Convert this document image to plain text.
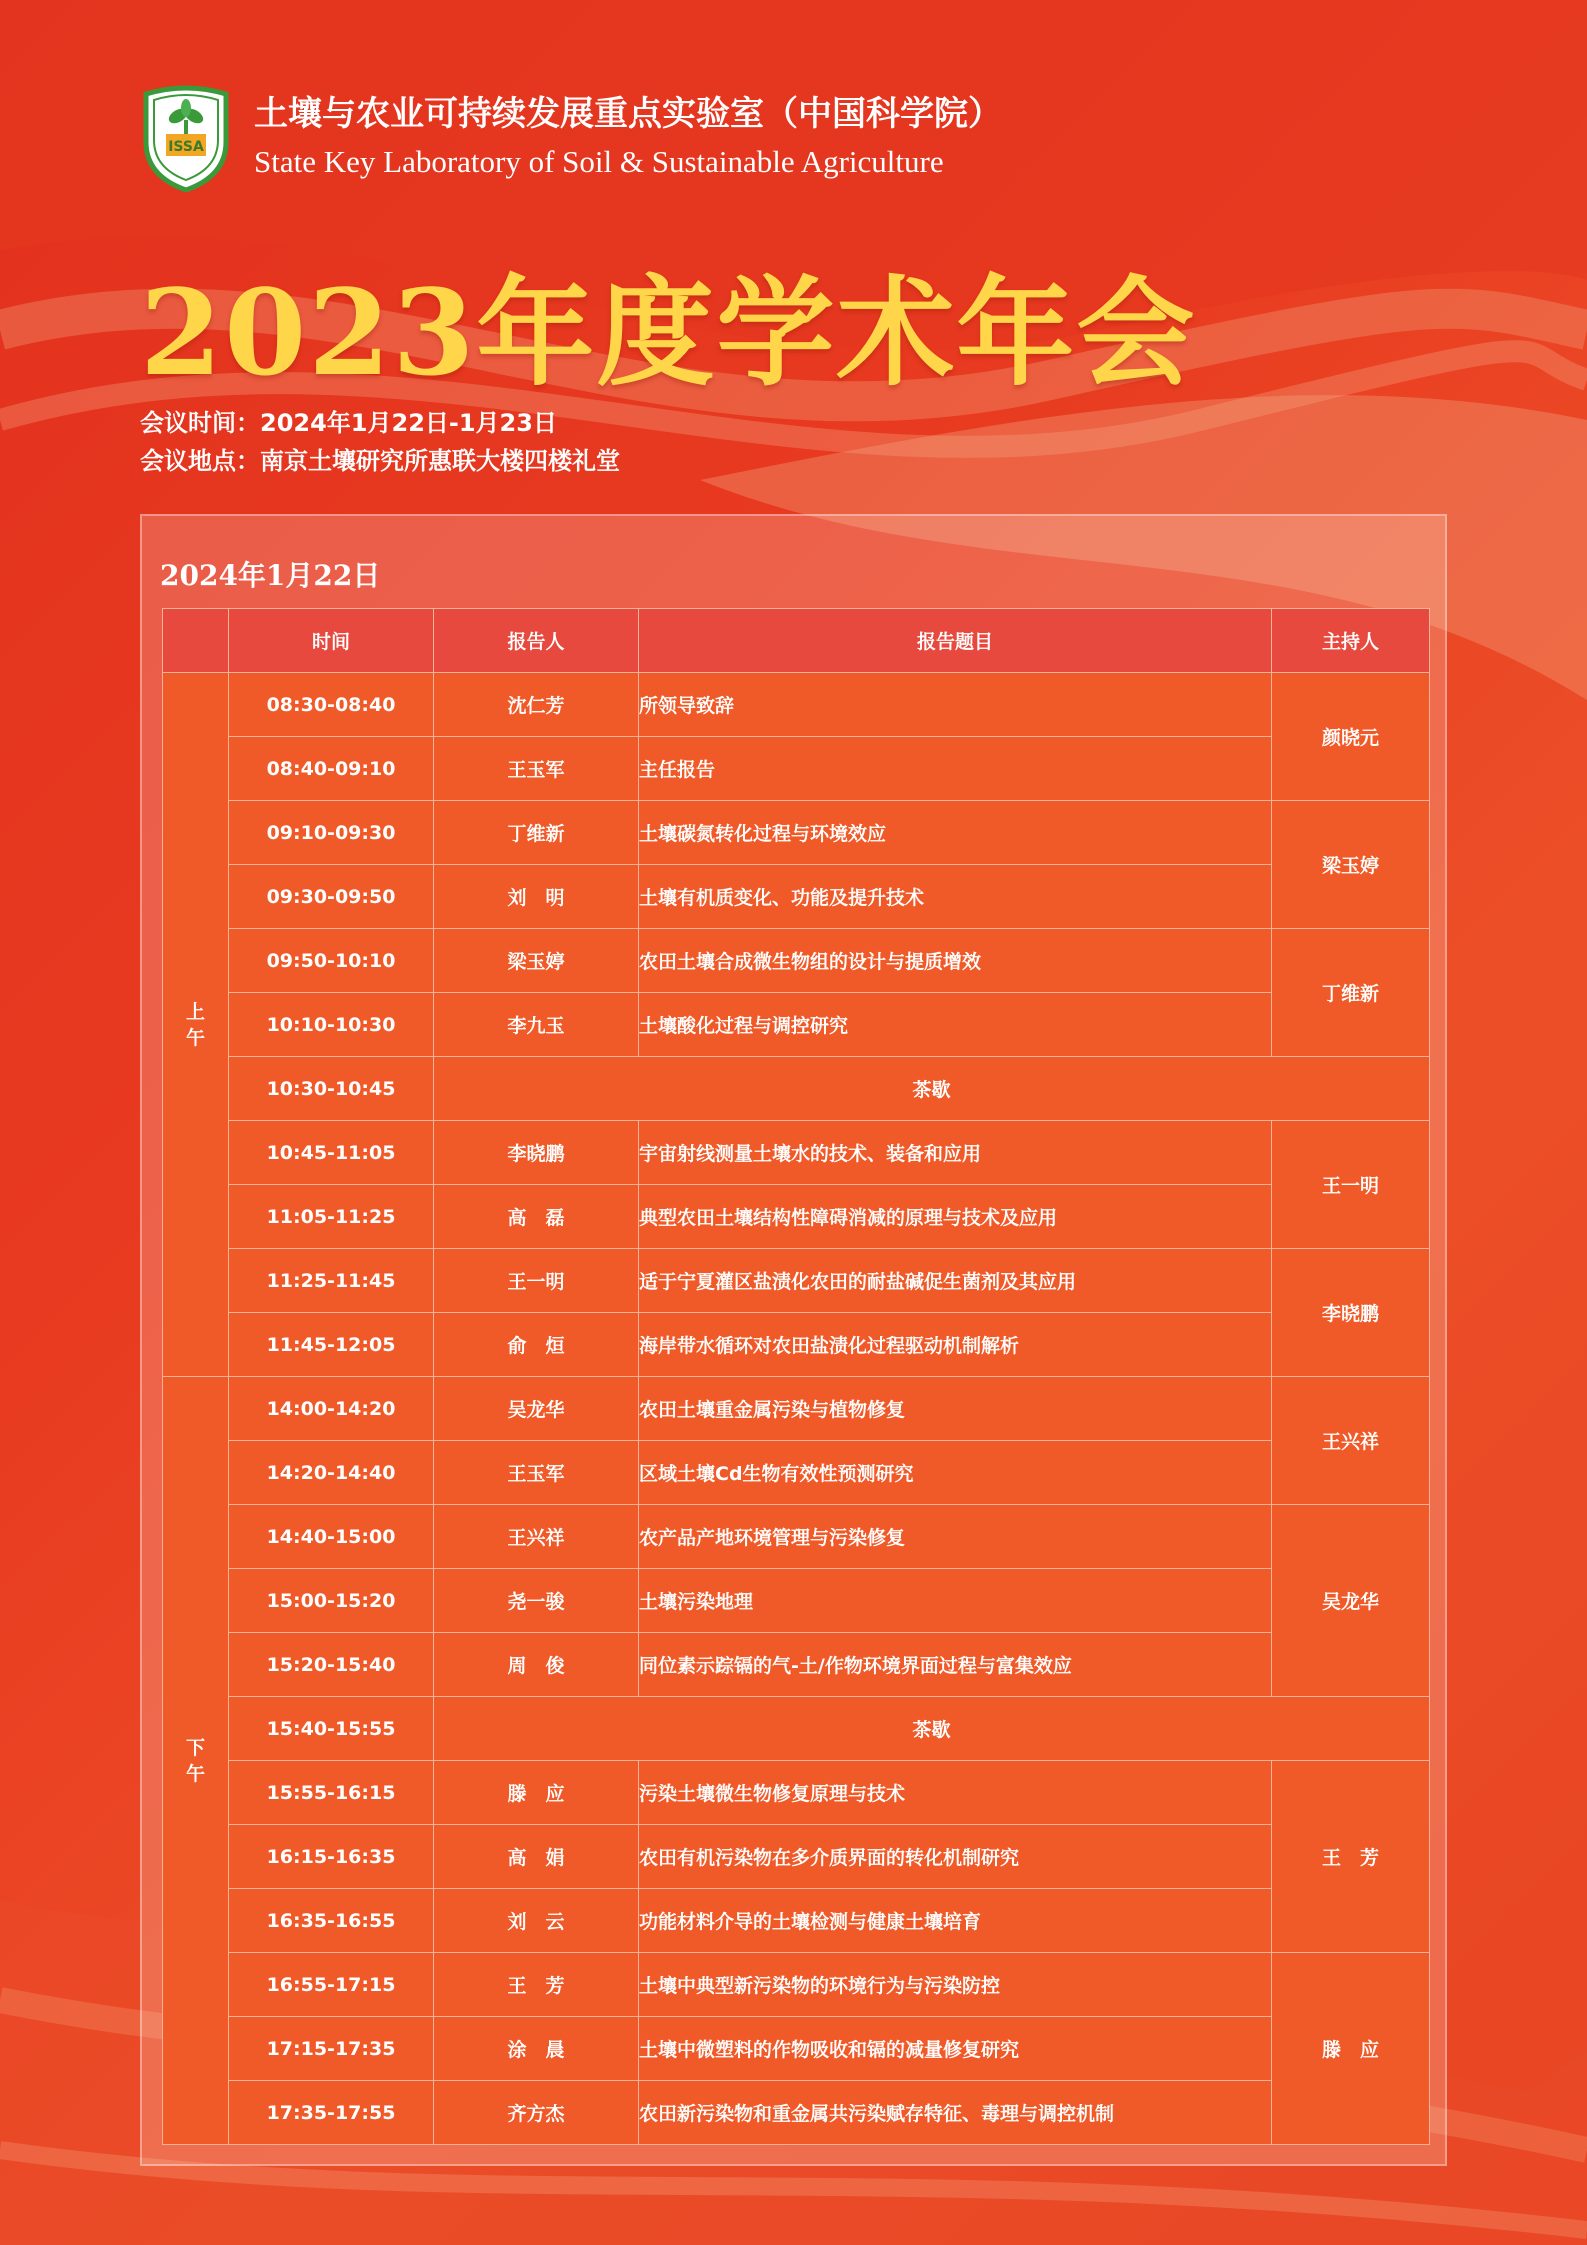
ISSA
土壤与农业可持续发展重点实验室（中国科学院）
State Key Laboratory of Soil & Sustainable Agriculture
2023年度学术年会
会议时间：2024年1月22日-1月23日
会议地点：南京土壤研究所惠联大楼四楼礼堂
2024年1月22日
	时间	报告人	报告题目	主持人
上午	08:30-08:40	沈仁芳	所领导致辞	颜晓元
	08:40-09:10	王玉军	主任报告	
	09:10-09:30	丁维新	土壤碳氮转化过程与环境效应	梁玉婷
	09:30-09:50	刘　明	土壤有机质变化、功能及提升技术	
	09:50-10:10	梁玉婷	农田土壤合成微生物组的设计与提质增效	丁维新
	10:10-10:30	李九玉	土壤酸化过程与调控研究	
	10:30-10:45	茶歇		
	10:45-11:05	李晓鹏	宇宙射线测量土壤水的技术、装备和应用	王一明
	11:05-11:25	高　磊	典型农田土壤结构性障碍消减的原理与技术及应用	
	11:25-11:45	王一明	适于宁夏灌区盐渍化农田的耐盐碱促生菌剂及其应用	李晓鹏
	11:45-12:05	俞　烜	海岸带水循环对农田盐渍化过程驱动机制解析	
下午	14:00-14:20	吴龙华	农田土壤重金属污染与植物修复	王兴祥
	14:20-14:40	王玉军	区域土壤Cd生物有效性预测研究	
	14:40-15:00	王兴祥	农产品产地环境管理与污染修复	吴龙华
	15:00-15:20	尧一骏	土壤污染地理	
	15:20-15:40	周　俊	同位素示踪镉的气-土/作物环境界面过程与富集效应	
	15:40-15:55	茶歇		
	15:55-16:15	滕　应	污染土壤微生物修复原理与技术	王　芳
	16:15-16:35	高　娟	农田有机污染物在多介质界面的转化机制研究	
	16:35-16:55	刘　云	功能材料介导的土壤检测与健康土壤培育	
	16:55-17:15	王　芳	土壤中典型新污染物的环境行为与污染防控	滕　应
	17:15-17:35	涂　晨	土壤中微塑料的作物吸收和镉的减量修复研究	
	17:35-17:55	齐方杰	农田新污染物和重金属共污染赋存特征、毒理与调控机制	
